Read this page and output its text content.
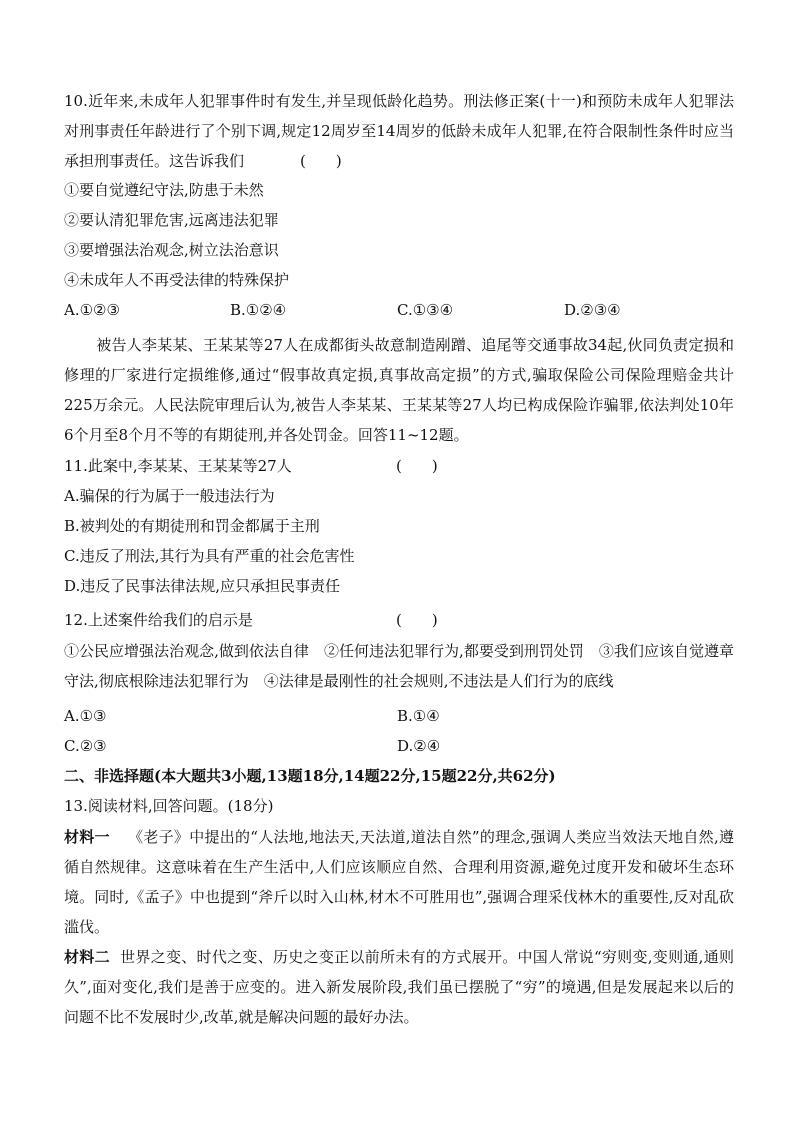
10.近年来,未成年人犯罪事件时有发生,并呈现低龄化趋势。刑法修正案(十一)和预防未成年人犯罪法对刑事责任年龄进行了个别下调,规定12周岁至14周岁的低龄未成年人犯罪,在符合限制性条件时应当承担刑事责任。这告诉我们	(　　)
①要自觉遵纪守法,防患于未然
②要认清犯罪危害,远离违法犯罪
③要增强法治观念,树立法治意识
④未成年人不再受法律的特殊保护
A.①②③	B.①②④	C.①③④	D.②③④
被告人李某某、王某某等27人在成都街头故意制造剐蹭、追尾等交通事故34起,伙同负责定损和修理的厂家进行定损维修,通过“假事故真定损,真事故高定损”的方式,骗取保险公司保险理赔金共计225万余元。人民法院审理后认为,被告人李某某、王某某等27人均已构成保险诈骗罪,依法判处10年6个月至8个月不等的有期徒刑,并各处罚金。回答11~12题。
11.此案中,李某某、王某某等27人	(　　)
A.骗保的行为属于一般违法行为
B.被判处的有期徒刑和罚金都属于主刑
C.违反了刑法,其行为具有严重的社会危害性
D.违反了民事法律法规,应只承担民事责任
12.上述案件给我们的启示是	(　　)
①公民应增强法治观念,做到依法自律　②任何违法犯罪行为,都要受到刑罚处罚　③我们应该自觉遵章守法,彻底根除违法犯罪行为　④法律是最刚性的社会规则,不违法是人们行为的底线
A.①③	B.①④
C.②③	D.②④
二、非选择题(本大题共3小题,13题18分,14题22分,15题22分,共62分)
13.阅读材料,回答问题。(18分)
材料一 《老子》中提出的“人法地,地法天,天法道,道法自然”的理念,强调人类应当效法天地自然,遵循自然规律。这意味着在生产生活中,人们应该顺应自然、合理利用资源,避免过度开发和破坏生态环境。同时,《孟子》中也提到“斧斤以时入山林,材木不可胜用也”,强调合理采伐林木的重要性,反对乱砍滥伐。
材料二 世界之变、时代之变、历史之变正以前所未有的方式展开。中国人常说“穷则变,变则通,通则久”,面对变化,我们是善于应变的。进入新发展阶段,我们虽已摆脱了“穷”的境遇,但是发展起来以后的问题不比不发展时少,改革,就是解决问题的最好办法。
